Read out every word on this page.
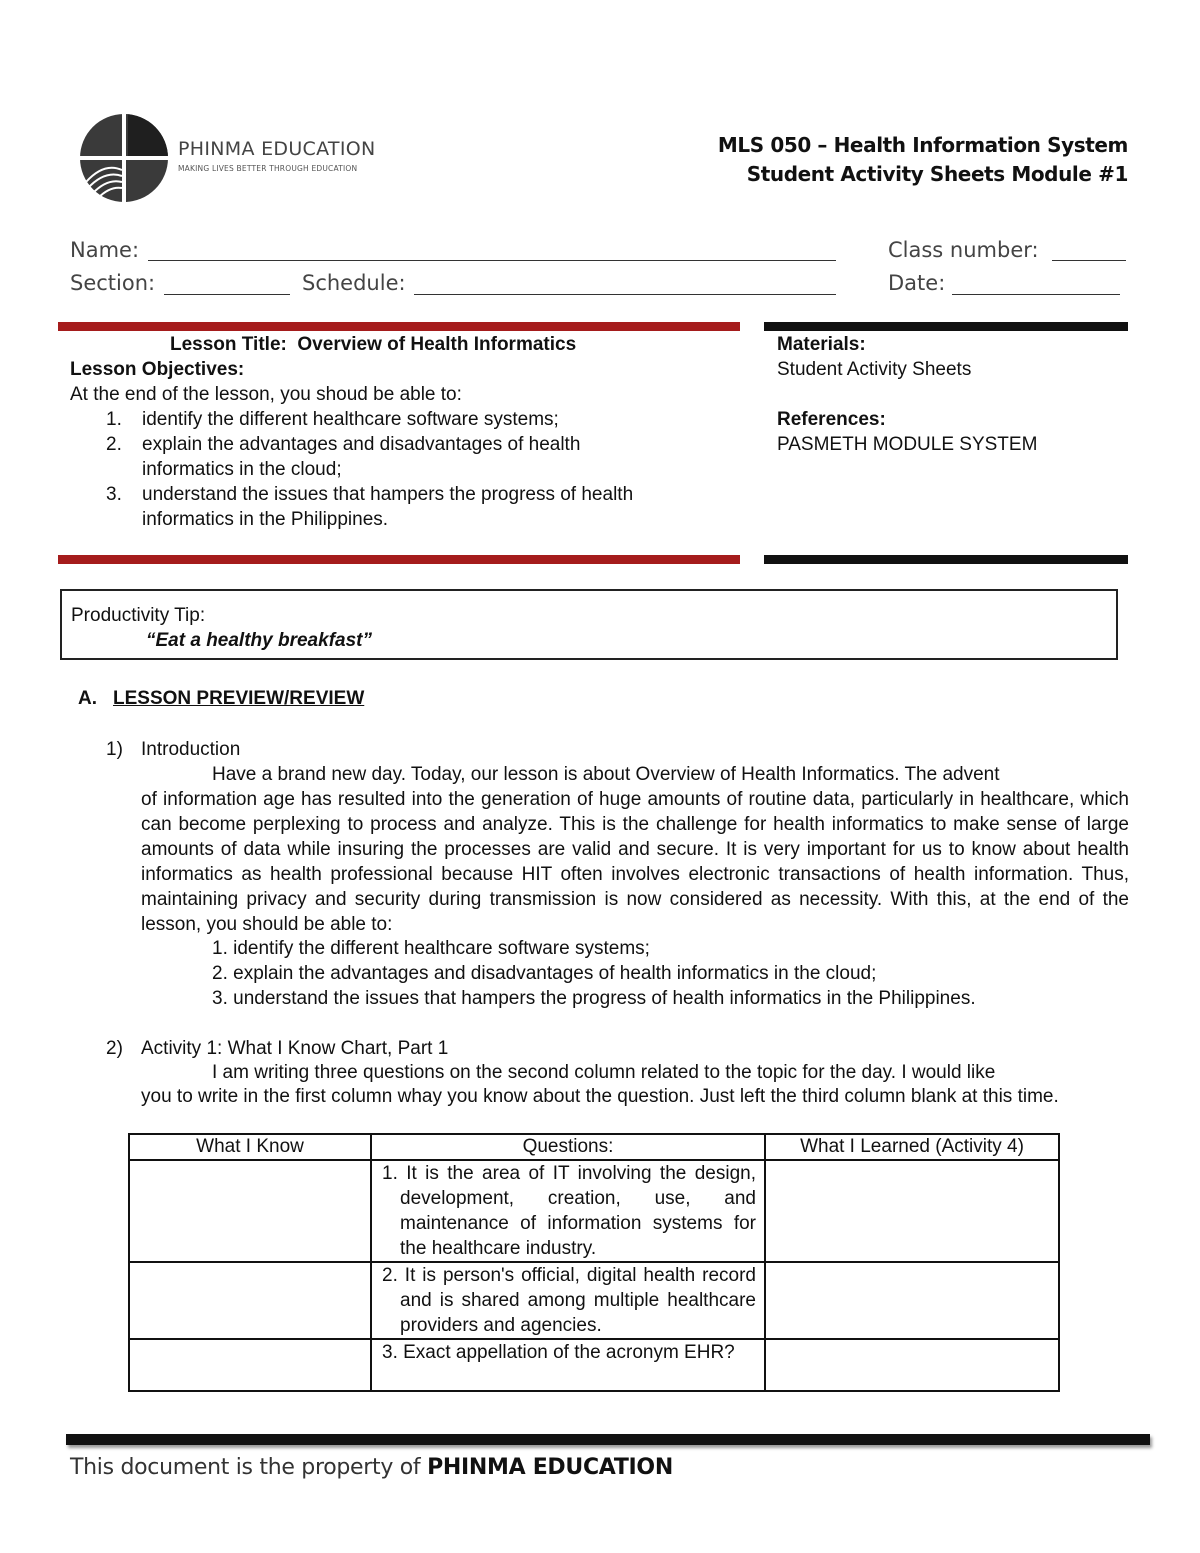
PHINMA EDUCATION
MAKING LIVES BETTER THROUGH EDUCATION
MLS 050 – Health Information System
Student Activity Sheets Module #1
Name:	Class number:
Section:	Schedule:	Date:
Lesson Title: Overview of Health Informatics
Lesson Objectives:
At the end of the lesson, you shoud be able to:
1. identify the different healthcare software systems;
2. explain the advantages and disadvantages of health
informatics in the cloud;
3. understand the issues that hampers the progress of health
informatics in the Philippines.
Materials:
Student Activity Sheets
References:
PASMETH MODULE SYSTEM
Productivity Tip:
“Eat a healthy breakfast”
A. LESSON PREVIEW/REVIEW
1) Introduction
Have a brand new day. Today, our lesson is about Overview of Health Informatics. The advent
of information age has resulted into the generation of huge amounts of routine data, particularly in healthcare, which can become perplexing to process and analyze. This is the challenge for health informatics to make sense of large amounts of data while insuring the processes are valid and secure. It is very important for us to know about health informatics as health professional because HIT often involves electronic transactions of health information. Thus, maintaining privacy and security during transmission is now considered as necessity. With this, at the end of the lesson, you should be able to:
1. identify the different healthcare software systems;
2. explain the advantages and disadvantages of health informatics in the cloud;
3. understand the issues that hampers the progress of health informatics in the Philippines.
2) Activity 1: What I Know Chart, Part 1
I am writing three questions on the second column related to the topic for the day. I would like
you to write in the first column whay you know about the question. Just left the third column blank at this time.
What I Know	Questions:	What I Learned (Activity 4)

	1. It is the area of IT involving the design, development, creation, use, and maintenance of information systems for the healthcare industry.	

	2. It is person's official, digital health record and is shared among multiple healthcare providers and agencies.	

	3. Exact appellation of the acronym EHR?	

This document is the property of PHINMA EDUCATION
